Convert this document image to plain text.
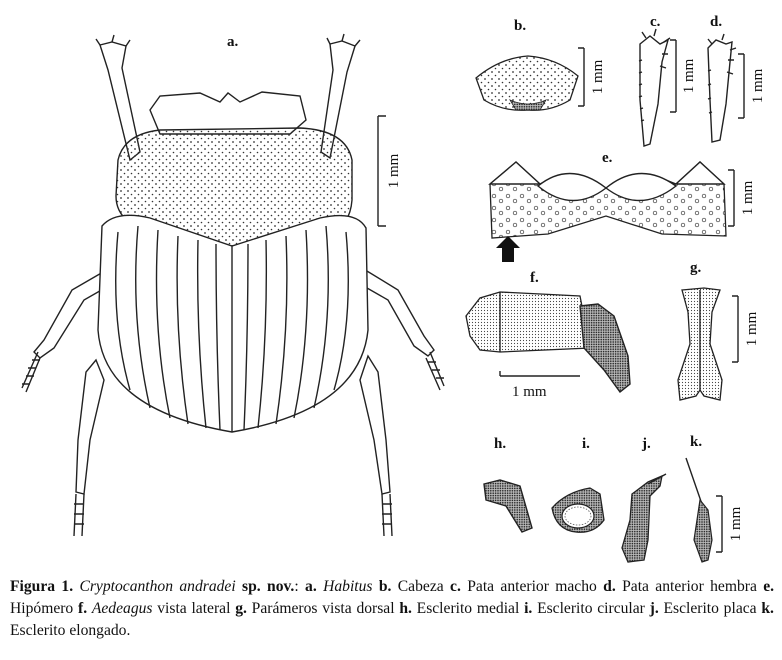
a.
1 mm
b.
1 mm
c.
1 mm
d.
1 mm
e.
1 mm
f.
1 mm
g.
1 mm
h.	i.	j.	k.
1 mm
Figura 1. Cryptocanthon andradei sp. nov.: a. Habitus b. Cabeza c. Pata anterior macho d. Pata anterior hembra e. Hipómero f. Aedeagus vista lateral g. Parámeros vista dorsal h. Esclerito medial i. Esclerito circular j. Esclerito placa k. Esclerito elongado.
